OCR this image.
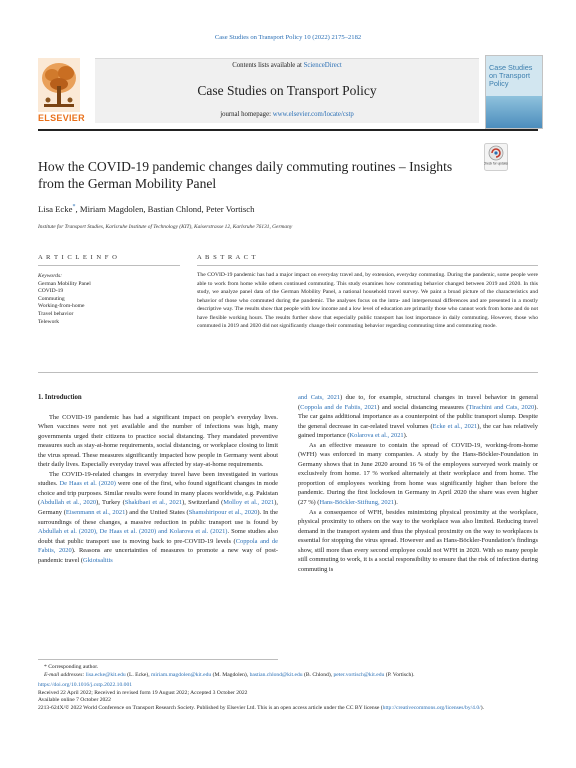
Case Studies on Transport Policy 10 (2022) 2175–2182
ELSEVIER
Contents lists available at ScienceDirect
Case Studies on Transport Policy
journal homepage: www.elsevier.com/locate/cstp
Case Studies on Transport Policy
How the COVID-19 pandemic changes daily commuting routines – Insights from the German Mobility Panel
Check for updates
Lisa Ecke*, Miriam Magdolen, Bastian Chlond, Peter Vortisch
Institute for Transport Studies, Karlsruhe Institute of Technology (KIT), Kaiserstrasse 12, Karlsruhe 76131, Germany
A R T I C L E I N F O
Keywords:
German Mobility Panel
COVID-19
Commuting
Working-from-home
Travel behavior
Telework
A B S T R A C T
The COVID-19 pandemic has had a major impact on everyday travel and, by extension, everyday commuting. During the pandemic, some people were able to work from home while others continued commuting. This study examines how commuting behavior changed between 2019 and 2020. In this study, we analyze panel data of the German Mobility Panel, a national household travel survey. We paint a broad picture of the characteristics and behavior of those who commuted during the pandemic. The analyses focus on the intra- and interpersonal differences and are presented in a mostly descriptive way. The results show that people with low income and a low level of education are primarily those who cannot work from home and do not have flexible working hours. The results further show that especially public transport has lost importance in daily commuting. However, those who commuted in 2019 and 2020 did not significantly change their commuting behavior regarding commuting time and commuting mode.
1. Introduction

The COVID-19 pandemic has had a significant impact on people’s everyday lives. When vaccines were not yet available and the number of infections was high, many governments urged their citizens to practice social distancing. They mandated preventive measures such as stay-at-home requirements, social distancing, or workplace closing to limit the virus spread. These measures significantly impacted how people in Germany went about their daily lives. Especially everyday travel was affected by stay-at-home requirements.

The COVID-19-related changes in everyday travel have been investigated in various studies. De Haas et al. (2020) were one of the first, who found significant changes in mode choice and trip purposes. Similar results were found in many places worldwide, e.g. Pakistan (Abdullah et al., 2020), Turkey (Shakibaei et al., 2021), Switzerland (Molloy et al., 2021), Germany (Eisenmann et al., 2021) and the United States (Shamshiripour et al., 2020). In the surroundings of these changes, a massive reduction in public transport use is found by Abdullah et al. (2020), De Haas et al. (2020) and Kolarova et al. (2021). Some studies also doubt that public transport use is moving back to pre-COVID-19 levels (Coppola and de Fabiis, 2020). Reasons are uncertainties of measures to promote a new way of post-pandemic travel (Gkiotsalitis

and Cats, 2021) due to, for example, structural changes in travel behavior in general (Coppola and de Fabiis, 2021) and social distancing measures (Tirachini and Cats, 2020). The car gains additional importance as a counterpoint of the public transport slump. Despite the general decrease in car-related travel volumes (Ecke et al., 2021), the car has relatively gained importance (Kolarova et al., 2021).

As an effective measure to contain the spread of COVID-19, working-from-home (WFH) was enforced in many companies. A study by the Hans-Böckler-Foundation in Germany shows that in June 2020 around 16 % of the employees surveyed work mainly or exclusively from home. 17 % worked alternately at their workplace and from home. The proportion of employees working from home was significantly higher than before the pandemic. During the first lockdown in Germany in April 2020 the share was even higher (27 %) (Hans-Böckler-Stiftung, 2021).

As a consequence of WFH, besides minimizing physical proximity at the workplace, physical proximity to others on the way to the workplace was also limited. Reducing travel demand in the transport system and thus the physical proximity on the way to workplaces is essential for stopping the virus spread. However and as Hans-Böckler-Foundation’s findings show, still more than every second employee could not WFH in 2020. With so many people still commuting to work, it is a social responsibility to ensure that the risk of infection during commuting is

* Corresponding author.
E-mail addresses: lisa.ecke@kit.edu (L. Ecke), miriam.magdolen@kit.edu (M. Magdolen), bastian.chlond@kit.edu (B. Chlond), peter.vortisch@kit.edu (P. Vortisch).
https://doi.org/10.1016/j.cstp.2022.10.001
Received 22 April 2022; Received in revised form 19 August 2022; Accepted 3 October 2022
Available online 7 October 2022
2213-624X/© 2022 World Conference on Transport Research Society. Published by Elsevier Ltd. This is an open access article under the CC BY license (http://creativecommons.org/licenses/by/4.0/).
